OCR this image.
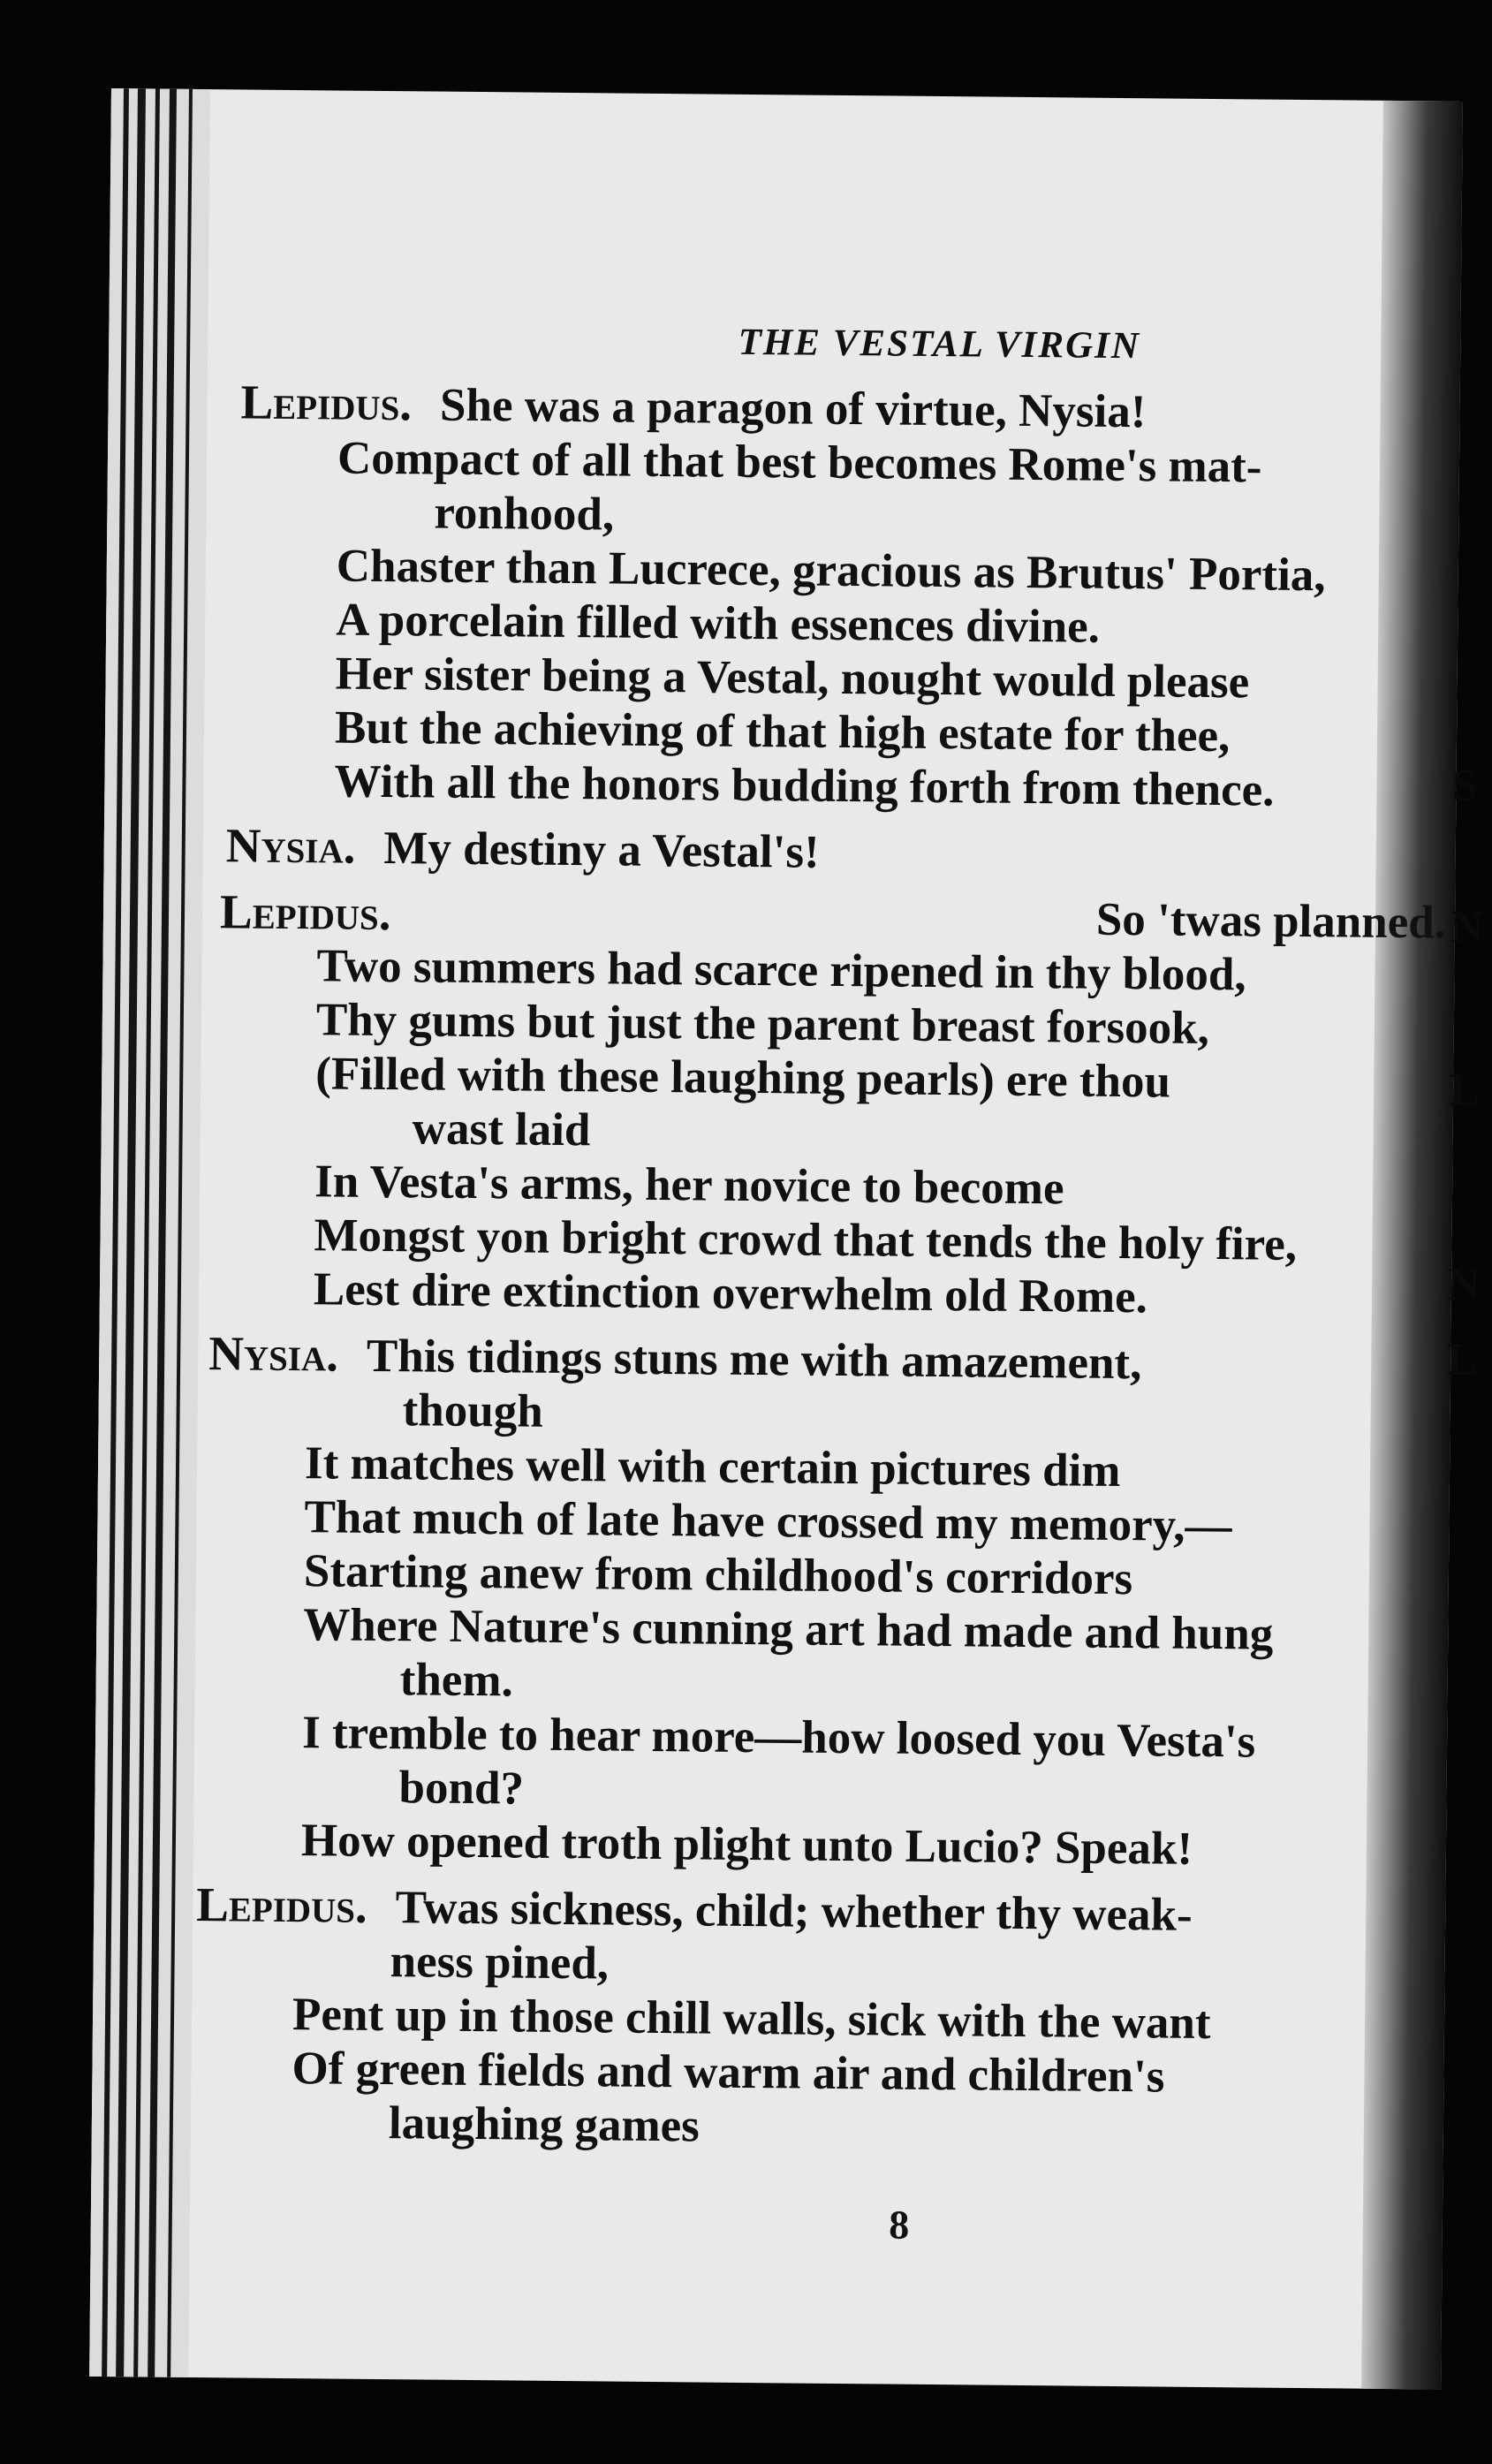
S
N
L
N
L
THE VESTAL VIRGIN
Lepidus. She was a paragon of virtue, Nysia!
Compact of all that best becomes Rome's mat-
ronhood,
Chaster than Lucrece, gracious as Brutus' Portia,
A porcelain filled with essences divine.
Her sister being a Vestal, nought would please
But the achieving of that high estate for thee,
With all the honors budding forth from thence.
Nysia. My destiny a Vestal's!
Lepidus.	So 'twas planned.
Two summers had scarce ripened in thy blood,
Thy gums but just the parent breast forsook,
(Filled with these laughing pearls) ere thou
wast laid
In Vesta's arms, her novice to become
Mongst yon bright crowd that tends the holy fire,
Lest dire extinction overwhelm old Rome.
Nysia. This tidings stuns me with amazement,
though
It matches well with certain pictures dim
That much of late have crossed my memory,—
Starting anew from childhood's corridors
Where Nature's cunning art had made and hung
them.
I tremble to hear more—how loosed you Vesta's
bond?
How opened troth plight unto Lucio? Speak!
Lepidus. Twas sickness, child; whether thy weak-
ness pined,
Pent up in those chill walls, sick with the want
Of green fields and warm air and children's
laughing games
8
